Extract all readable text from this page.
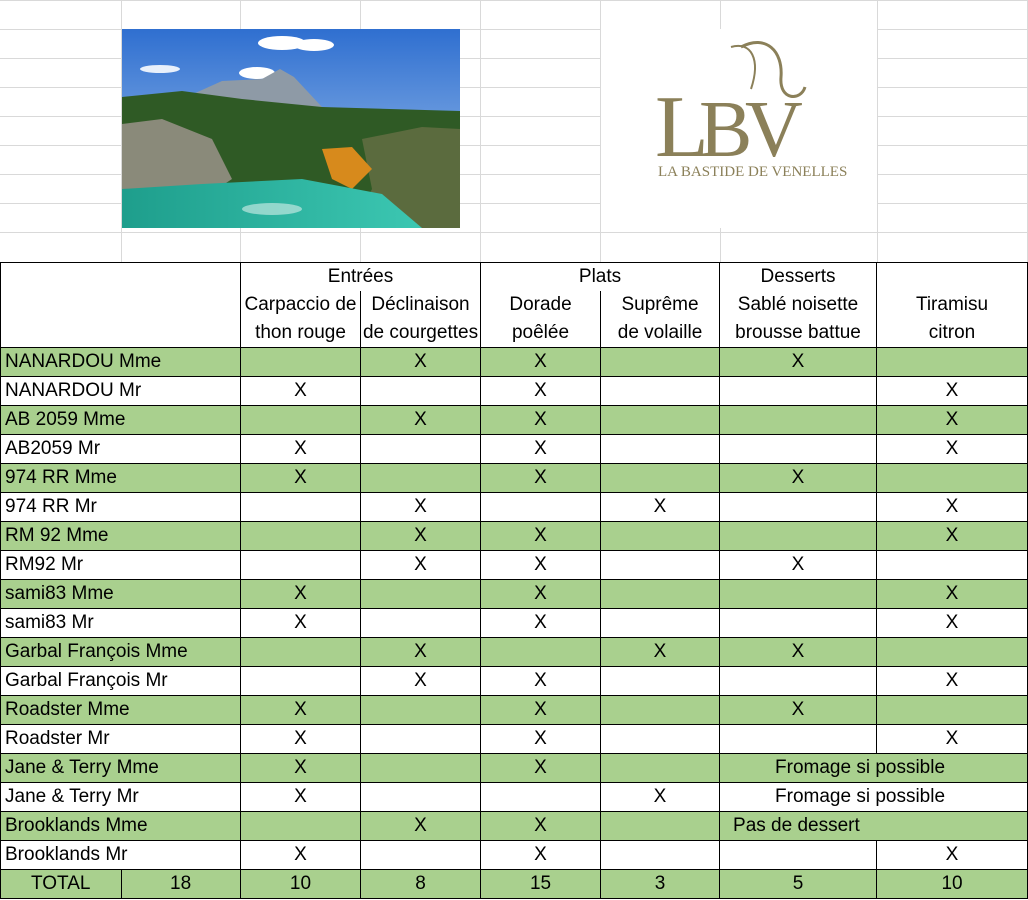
L
B
V
LA BASTIDE DE VENELLES
		Entrées		Plats		Desserts	
		Carpaccio de	Déclinaison	Dorade	Suprême	Sablé noisette	Tiramisu
		thon rouge	de courgettes	poêlée	de volaille	brousse battue	citron
NANARDOU Mme			X	X		X	
NANARDOU Mr		X		X			X
AB 2059 Mme			X	X			X
AB2059 Mr		X		X			X
974 RR Mme		X		X		X	
974 RR Mr			X		X		X
RM 92 Mme			X	X			X
RM92 Mr			X	X		X	
sami83 Mme		X		X			X
sami83 Mr		X		X			X
Garbal François Mme			X		X	X	
Garbal François Mr			X	X			X
Roadster Mme		X		X		X	
Roadster Mr		X		X			X
Jane & Terry Mme		X		X		Fromage si possible	
Jane & Terry Mr		X			X	Fromage si possible	
Brooklands Mme			X	X		Pas de dessert	
Brooklands Mr		X		X			X
TOTAL	18	10	8	15	3	5	10
